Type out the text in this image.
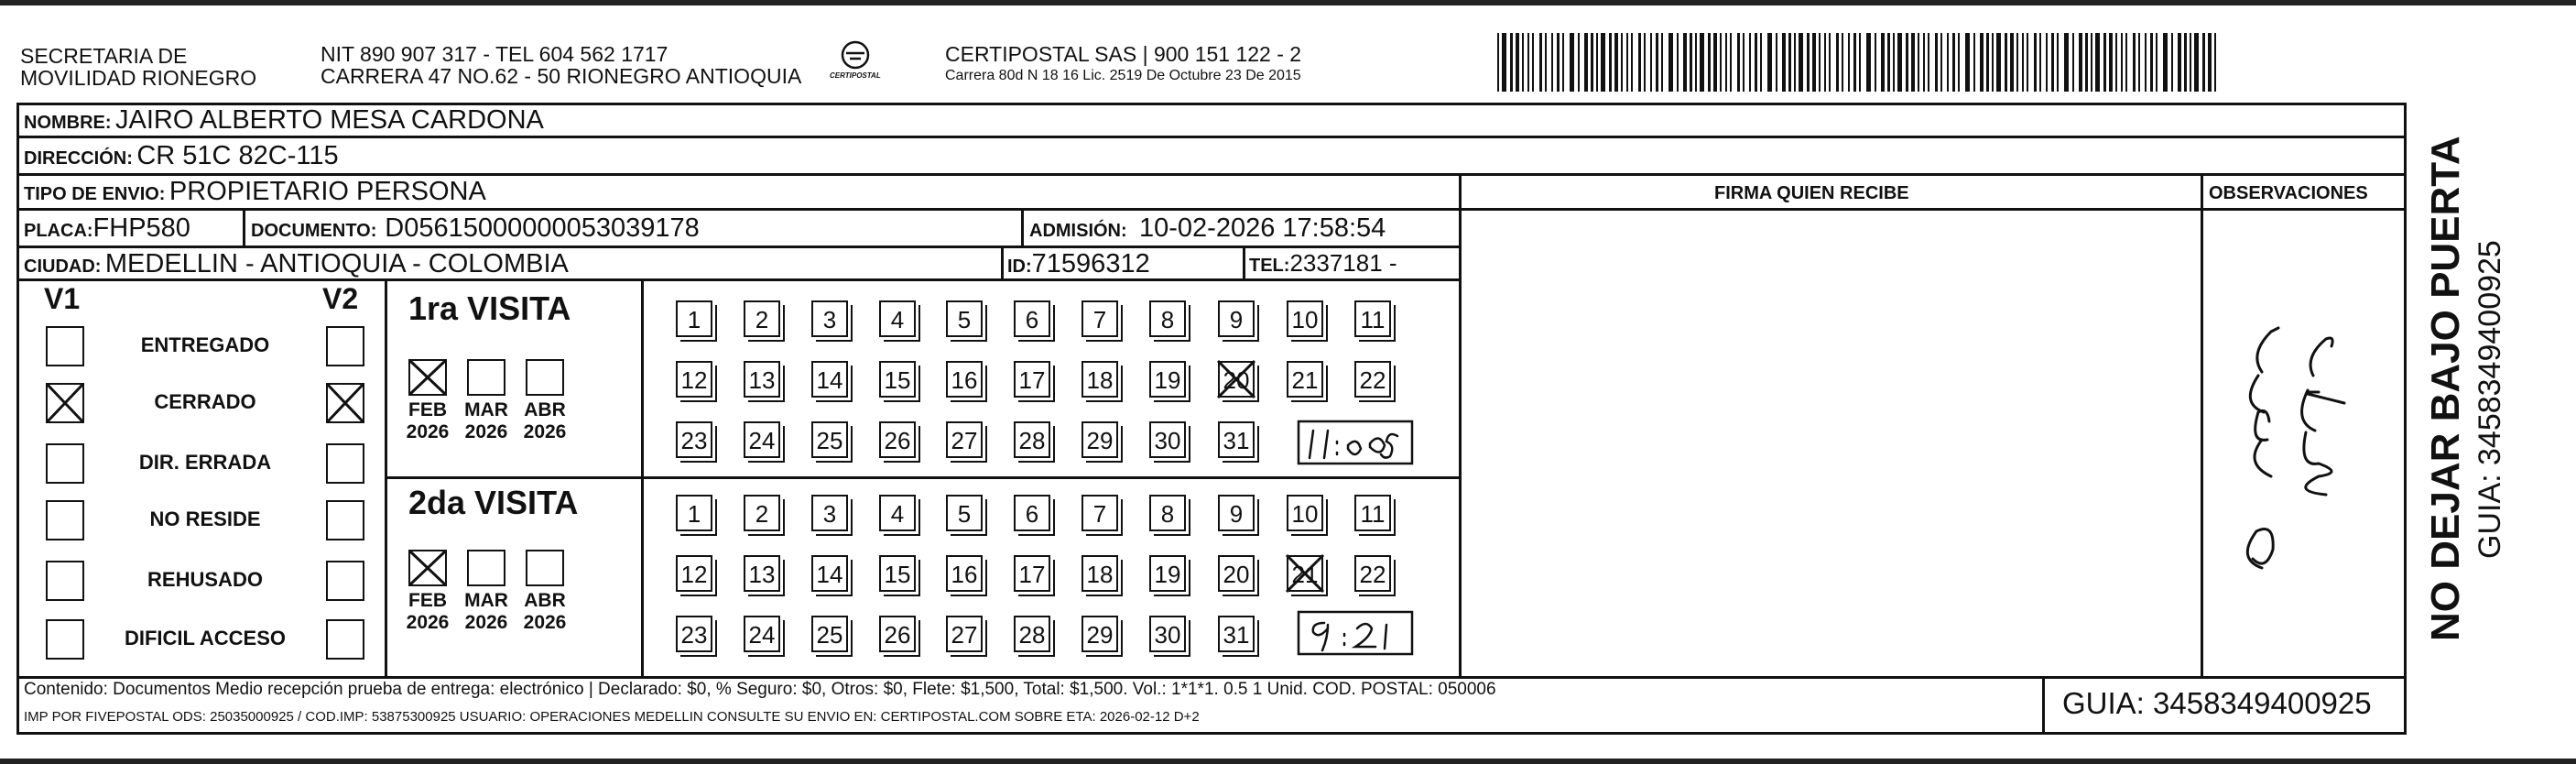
SECRETARIA DE
MOVILIDAD RIONEGRO
NIT 890 907 317 - TEL 604 562 1717
CARRERA 47 NO.62 - 50 RIONEGRO ANTIOQUIA	CERTIPOSTAL
CERTIPOSTAL SAS | 900 151 122 - 2
Carrera 80d N 18 16 Lic. 2519 De Octubre 23 De 2015
NOMBRE: JAIRO ALBERTO MESA CARDONA
DIRECCIÓN: CR 51C 82C-115
TIPO DE ENVIO: PROPIETARIO PERSONA	FIRMA QUIEN RECIBE	OBSERVACIONES
PLACA:FHP580	DOCUMENTO: D05615000000053039178	ADMISIÓN: 10-02-2026 17:58:54
CIUDAD: MEDELLIN - ANTIOQUIA - COLOMBIA	ID:71596312	TEL:2337181 -
V1	V2
ENTREGADO
CERRADO
DIR. ERRADA
NO RESIDE
REHUSADO
DIFICIL ACCESO
1ra VISITA
2da VISITA
FEB
2026
MAR
2026
ABR
2026
FEB
2026
MAR
2026
ABR
2026
1	2	3	4	5	6	7	8	9	10 11
12 13 14 15 16 17 18 19 20 21 22
23 24 25 26 27 28 29 30 31
1	2	3	4	5	6	7	8	9	10 11
12 13 14 15 16 17 18 19 20 21 22
23 24 25 26 27 28 29 30 31	NO DEJAR BAJO PUERTA GUIA: 3458349400925
Contenido: Documentos Medio recepción prueba de entrega: electrónico | Declarado: $0, % Seguro: $0, Otros: $0, Flete: $1,500, Total: $1,500. Vol.: 1*1*1. 0.5 1 Unid. COD. POSTAL: 050006
IMP POR FIVEPOSTAL ODS: 25035000925 / COD.IMP: 53875300925 USUARIO: OPERACIONES MEDELLIN CONSULTE SU ENVIO EN: CERTIPOSTAL.COM SOBRE ETA: 2026-02-12 D+2	GUIA: 3458349400925
